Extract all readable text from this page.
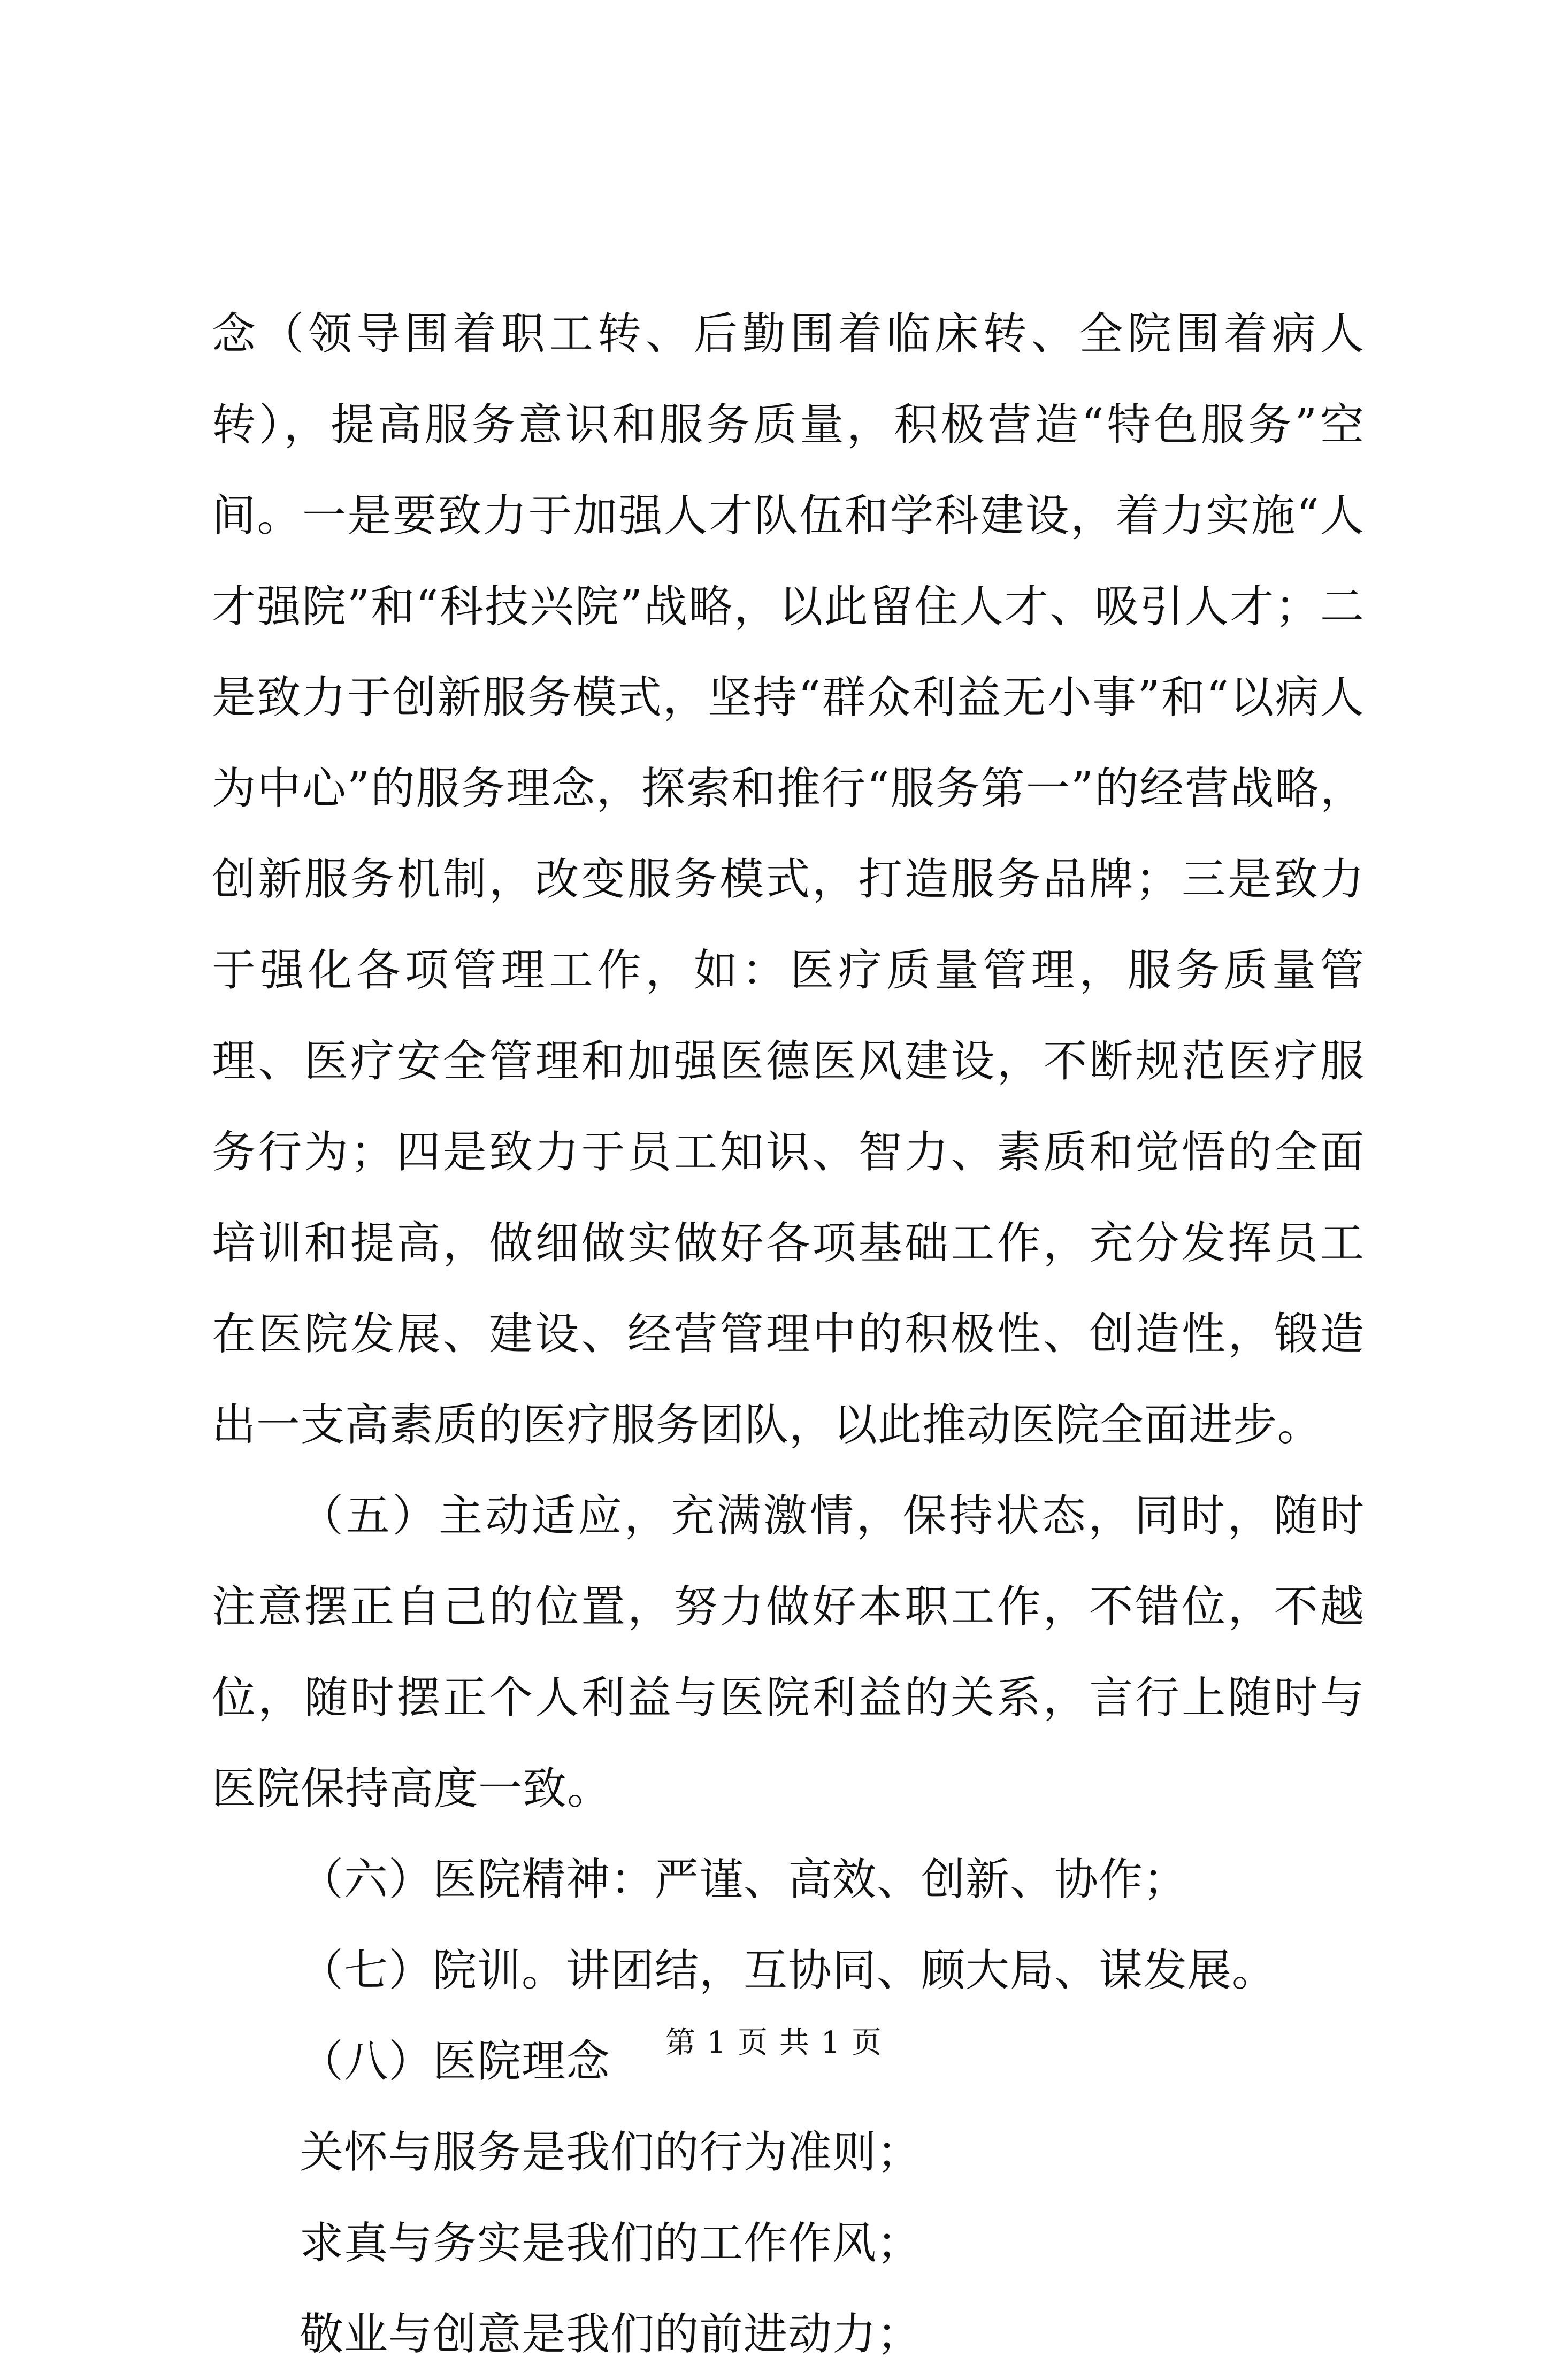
念（领导围着职工转、后勤围着临床转、全院围着病人转），提高服务意识和服务质量，积极营造“特色服务”空间。一是要致力于加强人才队伍和学科建设，着力实施“人才强院”和“科技兴院”战略，以此留住人才、吸引人才；二是致力于创新服务模式，坚持“群众利益无小事”和“以病人为中心”的服务理念，探索和推行“服务第一”的经营战略，创新服务机制，改变服务模式，打造服务品牌；三是致力于强化各项管理工作，如：医疗质量管理，服务质量管理、医疗安全管理和加强医德医风建设，不断规范医疗服务行为；四是致力于员工知识、智力、素质和觉悟的全面培训和提高，做细做实做好各项基础工作，充分发挥员工在医院发展、建设、经营管理中的积极性、创造性，锻造出一支高素质的医疗服务团队，以此推动医院全面进步。

（五）主动适应，充满激情，保持状态，同时，随时注意摆正自己的位置，努力做好本职工作，不错位，不越位，随时摆正个人利益与医院利益的关系，言行上随时与医院保持高度一致。

（六）医院精神：严谨、高效、创新、协作；

（七）院训。讲团结，互协同、顾大局、谋发展。

（八）医院理念

关怀与服务是我们的行为准则；

求真与务实是我们的工作作风；

敬业与创意是我们的前进动力；

第 1 页 共 1 页
